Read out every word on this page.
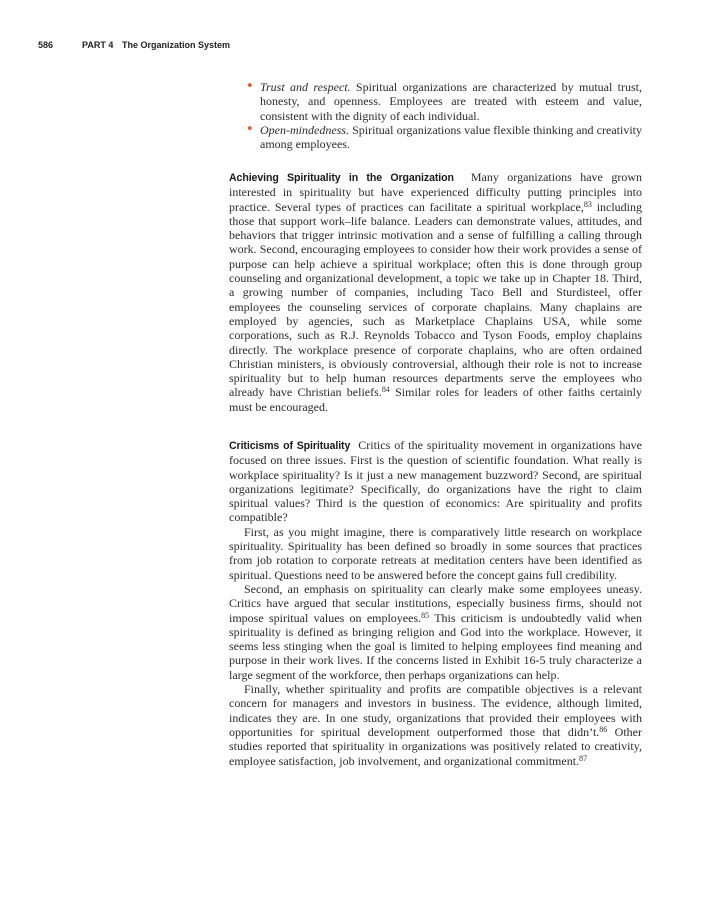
586	PART 4 The Organization System

• Trust and respect. Spiritual organizations are characterized by mutual trust, honesty, and openness. Employees are treated with esteem and value, consistent with the dignity of each individual.

• Open-mindedness. Spiritual organizations value flexible thinking and creativity among employees.

Achieving Spirituality in the Organization Many organizations have grown interested in spirituality but have experienced difficulty putting principles into practice. Several types of practices can facilitate a spiritual workplace,$^{83}$ including those that support work–life balance. Leaders can demonstrate values, attitudes, and behaviors that trigger intrinsic motivation and a sense of fulfilling a calling through work. Second, encouraging employees to consider how their work provides a sense of purpose can help achieve a spiritual workplace; often this is done through group counseling and organizational development, a topic we take up in Chapter 18. Third, a growing number of companies, including Taco Bell and Sturdisteel, offer employees the counseling services of corporate chaplains. Many chaplains are employed by agencies, such as Marketplace Chaplains USA, while some corporations, such as R.J. Reynolds Tobacco and Tyson Foods, employ chaplains directly. The workplace presence of corporate chaplains, who are often ordained Christian ministers, is obviously controversial, although their role is not to increase spirituality but to help human resources departments serve the employees who already have Christian beliefs.$^{84}$ Similar roles for leaders of other faiths certainly must be encouraged.

Criticisms of Spirituality Critics of the spirituality movement in organizations have focused on three issues. First is the question of scientific foundation. What really is workplace spirituality? Is it just a new management buzzword? Second, are spiritual organizations legitimate? Specifically, do organizations have the right to claim spiritual values? Third is the question of economics: Are spirituality and profits compatible?

First, as you might imagine, there is comparatively little research on workplace spirituality. Spirituality has been defined so broadly in some sources that practices from job rotation to corporate retreats at meditation centers have been identified as spiritual. Questions need to be answered before the concept gains full credibility.

Second, an emphasis on spirituality can clearly make some employees uneasy. Critics have argued that secular institutions, especially business firms, should not impose spiritual values on employees.$^{85}$ This criticism is undoubtedly valid when spirituality is defined as bringing religion and God into the workplace. However, it seems less stinging when the goal is limited to helping employees find meaning and purpose in their work lives. If the concerns listed in Exhibit 16-5 truly characterize a large segment of the workforce, then perhaps organizations can help.

Finally, whether spirituality and profits are compatible objectives is a relevant concern for managers and investors in business. The evidence, although limited, indicates they are. In one study, organizations that provided their employees with opportunities for spiritual development outperformed those that didn’t.$^{86}$ Other studies reported that spirituality in organizations was positively related to creativity, employee satisfaction, job involvement, and organizational commitment.$^{87}$
